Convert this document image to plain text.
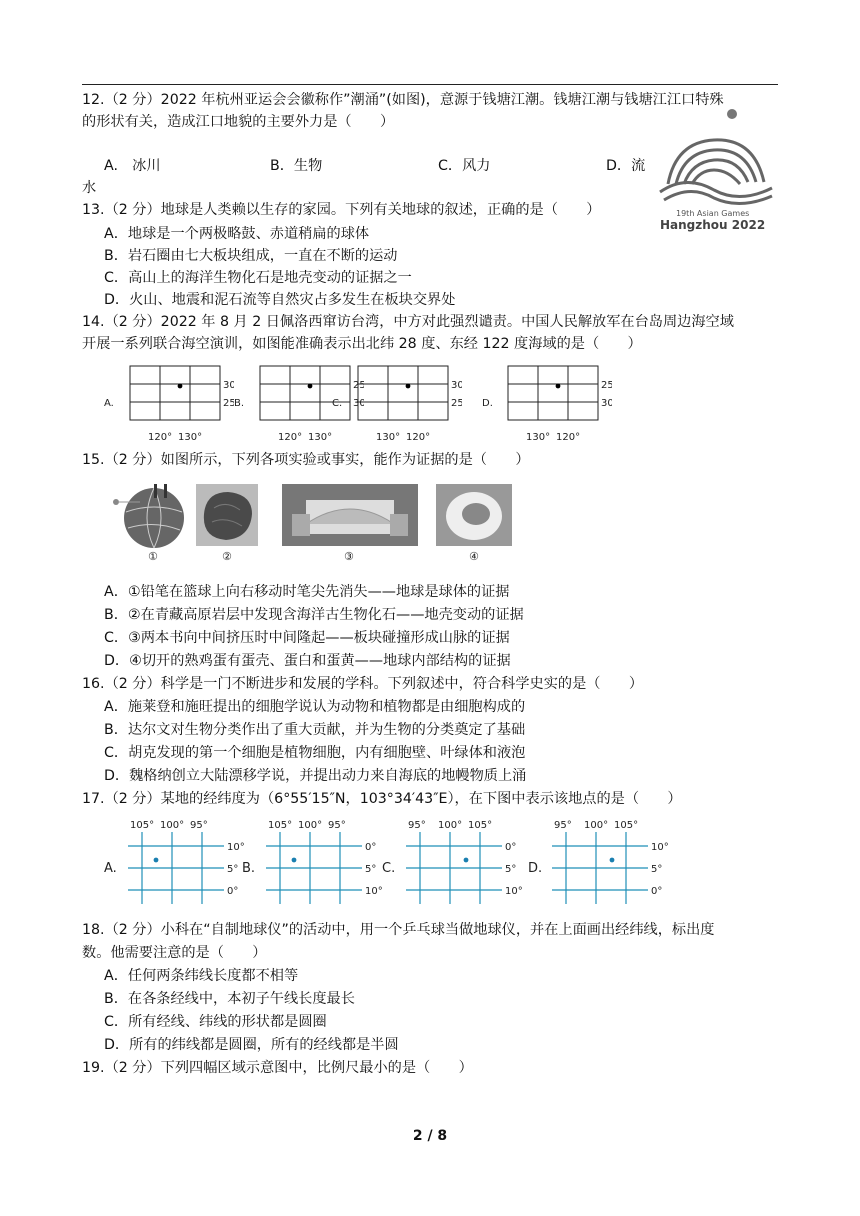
12.（2 分）2022 年杭州亚运会会徽称作”潮涌”(如图)，意源于钱塘江潮。钱塘江潮与钱塘江江口特殊
的形状有关，造成江口地貌的主要外力是（　　）
A.　冰川	B．生物	C．风力	D．流
水
19th Asian Games
Hangzhou 2022
13.（2 分）地球是人类赖以生存的家园。下列有关地球的叙述，正确的是（　　）
A．地球是一个两极略鼓、赤道稍扁的球体
B．岩石圈由七大板块组成，一直在不断的运动
C．高山上的海洋生物化石是地壳变动的证据之一
D．火山、地震和泥石流等自然灾占多发生在板块交界处
14.（2 分）2022 年 8 月 2 日佩洛西窜访台湾，中方对此强烈谴责。中国人民解放军在台岛周边海空域
开展一系列联合海空演训，如图能准确表示出北纬 28 度、东经 122 度海域的是（　　）
A.
30
25
120° 130°
B.
25
30
120° 130°
C.
30
25
130° 120°
D.
25
30
130° 120°
15.（2 分）如图所示，下列各项实验或事实，能作为证据的是（　　）
①	②	③	④
A．①铅笔在篮球上向右移动时笔尖先消失——地球是球体的证据
B．②在青藏高原岩层中发现含海洋古生物化石——地壳变动的证据
C．③两本书向中间挤压时中间隆起——板块碰撞形成山脉的证据
D．④切开的熟鸡蛋有蛋壳、蛋白和蛋黄——地球内部结构的证据
16.（2 分）科学是一门不断进步和发展的学科。下列叙述中，符合科学史实的是（　　）
A．施莱登和施旺提出的细胞学说认为动物和植物都是由细胞构成的
B．达尔文对生物分类作出了重大贡献，并为生物的分类奠定了基础
C．胡克发现的第一个细胞是植物细胞，内有细胞壁、叶绿体和液泡
D．魏格纳创立大陆漂移学说，并提出动力来自海底的地幔物质上涌
17.（2 分）某地的经纬度为（6°55′15″N，103°34′43″E），在下图中表示该地点的是（　　）
A.
105° 100° 95°
10°
5°
0°
B.
105° 100° 95°
0°
5°
10°
C.
95° 100° 105°
0°
5°
10°
D.
95° 100° 105°
10°
5°
0°
18.（2 分）小科在“自制地球仪”的活动中，用一个乒乓球当做地球仪，并在上面画出经纬线，标出度
数。他需要注意的是（　　）
A．任何两条纬线长度都不相等
B．在各条经线中，本初子午线长度最长
C．所有经线、纬线的形状都是圆圈
D．所有的纬线都是圆圈，所有的经线都是半圆
19.（2 分）下列四幅区域示意图中，比例尺最小的是（　　）
2 / 8
